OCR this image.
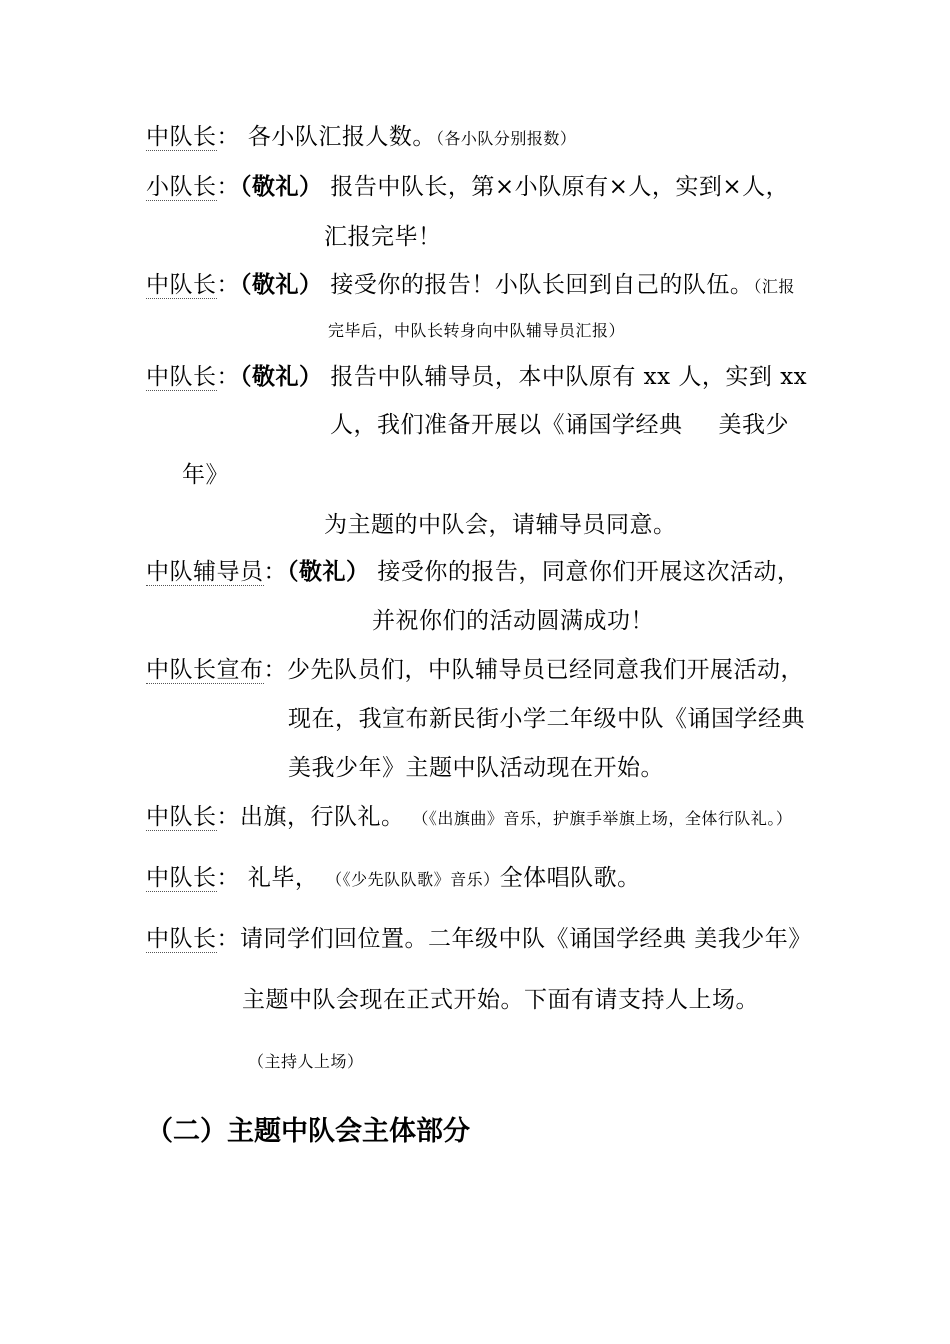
中队长： 各小队汇报人数。（各小队分别报数）
小队长：（敬礼） 报告中队长，第×小队原有×人，实到×人，
汇报完毕！
中队长：（敬礼） 接受你的报告！小队长回到自己的队伍。（汇报
完毕后，中队长转身向中队辅导员汇报）
中队长：（敬礼） 报告中队辅导员，本中队原有 xx 人，实到 xx
人，我们准备开展以《诵国学经典 美我少
年》
为主题的中队会，请辅导员同意。
中队辅导员：（敬礼） 接受你的报告，同意你们开展这次活动，
并祝你们的活动圆满成功！
中队长宣布：少先队员们，中队辅导员已经同意我们开展活动，
现在，我宣布新民街小学二年级中队《诵国学经典
美我少年》主题中队活动现在开始。
中队长：出旗，行队礼。 （《出旗曲》音乐，护旗手举旗上场，全体行队礼。）
中队长： 礼毕， （《少先队队歌》音乐）全体唱队歌。
中队长：请同学们回位置。二年级中队《诵国学经典 美我少年》
主题中队会现在正式开始。下面有请支持人上场。
（主持人上场）
（二）主题中队会主体部分
